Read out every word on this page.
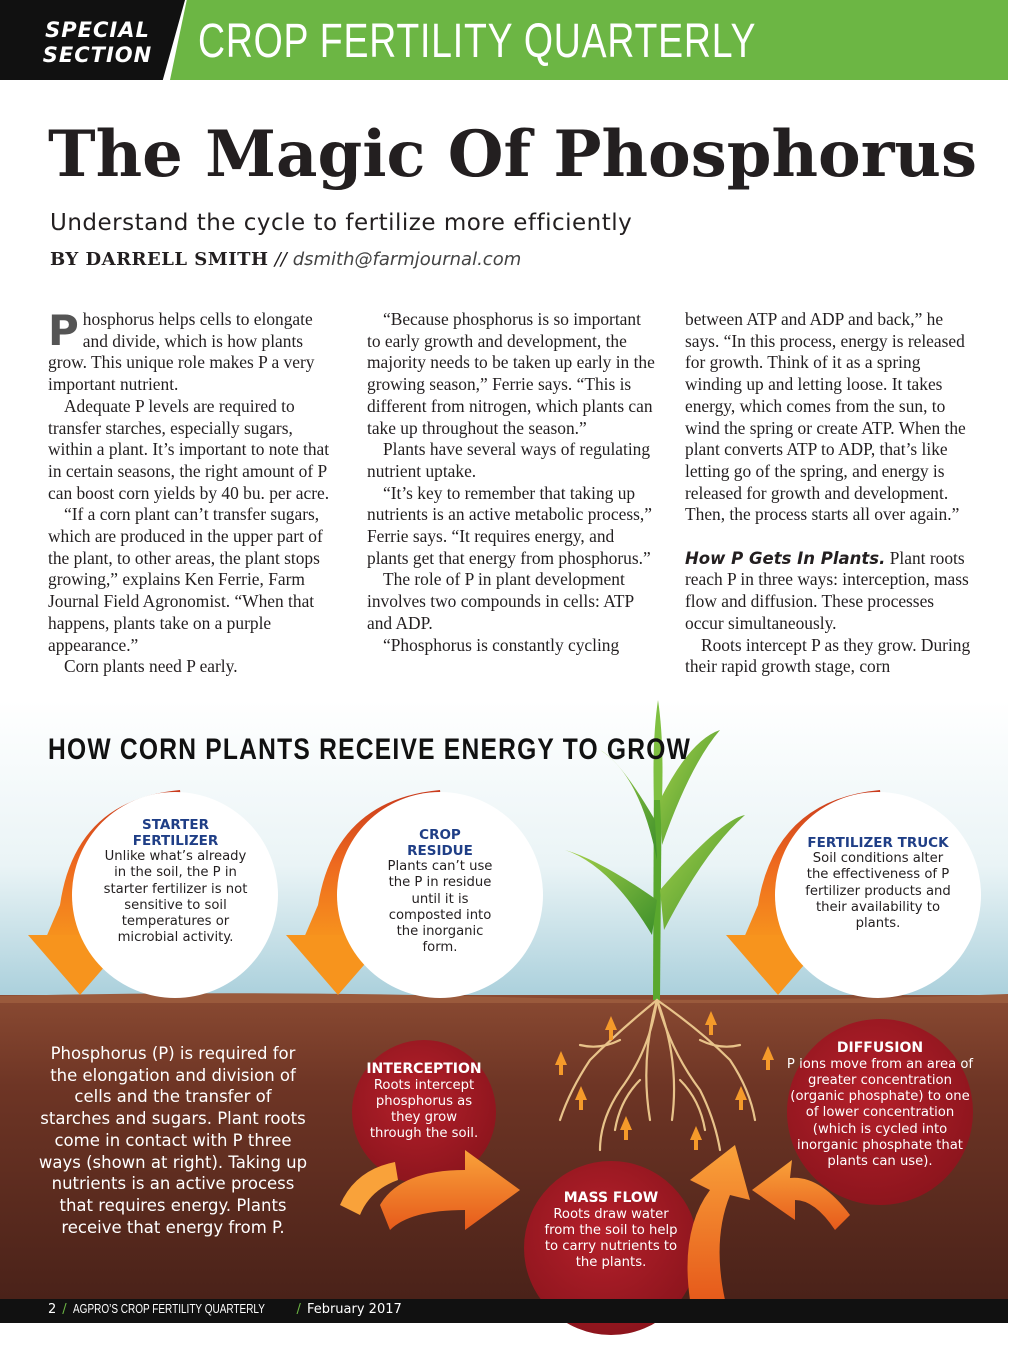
SPECIAL SECTION CROP FERTILITY QUARTERLY
The Magic Of Phosphorus
Understand the cycle to fertilize more efficiently
BY DARRELL SMITH // dsmith@farmjournal.com

Phosphorus helps cells to elongate and divide, which is how plants grow. This unique role makes P a very important nutrient.

Adequate P levels are required to transfer starches, especially sugars, within a plant. It’s important to note that in certain seasons, the right amount of P can boost corn yields by 40 bu. per acre.

“If a corn plant can’t transfer sugars, which are produced in the upper part of the plant, to other areas, the plant stops growing,” explains Ken Ferrie, Farm Journal Field Agronomist. “When that happens, plants take on a purple appearance.”

Corn plants need P early.

“Because phosphorus is so important to early growth and development, the majority needs to be taken up early in the growing season,” Ferrie says. “This is different from nitrogen, which plants can take up throughout the season.”

Plants have several ways of regulating nutrient uptake.

“It’s key to remember that taking up nutrients is an active metabolic process,” Ferrie says. “It requires energy, and plants get that energy from phosphorus.”

The role of P in plant development involves two compounds in cells: ATP and ADP.

“Phosphorus is constantly cycling

between ATP and ADP and back,” he says. “In this process, energy is released for growth. Think of it as a spring winding up and letting loose. It takes energy, which comes from the sun, to wind the spring or create ATP. When the plant converts ATP to ADP, that’s like letting go of the spring, and energy is released for growth and development. Then, the process starts all over again.”

How P Gets In Plants. Plant roots reach P in three ways: interception, mass flow and diffusion. These processes occur simultaneously.

Roots intercept P as they grow. During their rapid growth stage, corn

HOW CORN PLANTS RECEIVE ENERGY TO GROW
STARTER FERTILIZER
Unlike what’s already in the soil, the P in starter fertilizer is not sensitive to soil temperatures or microbial activity.
CROP RESIDUE
Plants can’t use the P in residue until it is composted into the inorganic form.
FERTILIZER TRUCK
Soil conditions alter the effectiveness of P fertilizer products and their availability to plants.
INTERCEPTION
Roots intercept phosphorus as they grow through the soil.
MASS FLOW
Roots draw water from the soil to help to carry nutrients to the plants.
DIFFUSION
P ions move from an area of greater concentration (organic phosphate) to one of lower concentration (which is cycled into inorganic phosphate that plants can use).
Phosphorus (P) is required for the elongation and division of cells and the transfer of starches and sugars. Plant roots come in contact with P three ways (shown at right). Taking up nutrients is an active process that requires energy. Plants receive that energy from P.
2 / AGPRO’S CROP FERTILITY QUARTERLY / February 2017
